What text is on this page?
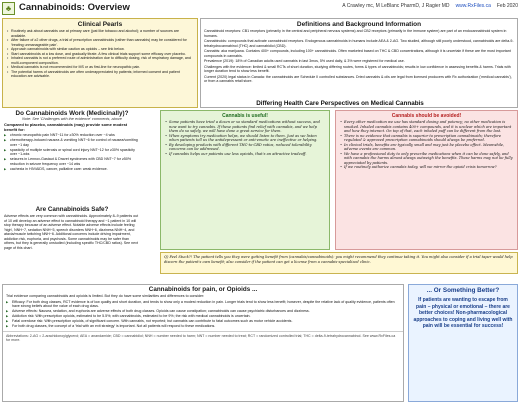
♣ Cannabinoids: Overview	A Crawley mc, M LeBlanc PharmD, J Ragier MD www.RxFiles.ca Feb 2020
Clinical Pearls
• Routinely ask about cannabis use at primary care (just like tobacco and alcohol); a number of sources are available.
• After failure of ≥2 other drugs, a trial of prescription cannabinoids (rather than cannabis) may be considered for 'treating unmanageable pain'.
• Approach cannabinoids with similar caution as opioids – see link below.
• Start cannabinoids at a low dose, and gradually titrate. A few clinical trials support some efficacy over placebo.
• Inhaled cannabis is not a preferred route of administration due to difficulty dosing, risk of respiratory damage, and multi-component composition.
• Medical cannabis is not recommended for MS or as first-line for neuropathic pain.
• The potential harms of cannabinoids are often underappreciated by patients; informed consent and patient education are advisable.
Definitions and Background Information

Cannabinoid receptors: CB1 receptors (primarily in the central and peripheral nervous systems) and CB2 receptors (primarily in the immune system) are part of an endocannabinoid system in humans.

Cannabinoids: compounds that activate cannabinoid receptors. Endogenous cannabinoids in humans include AEA & 2-AG. Two studied, although still poorly understood, cannabinoids are delta-9-tetrahydrocannabinol (THC) and cannabidiol (CBD).

Cannabis: aka marijuana. Contains 400+ compounds, including 100+ cannabinoids. Often marketed based on THC & CBD concentrations, although it is uncertain if these are the most important compounds in cannabis.

Prevalence (2019): 18% of Canadian adults used cannabis in last 3mos, 5% used daily, & 3% were registered for medical use.

Challenges with the evidence: limited & small RCTs of short duration, studying differing routes, forms & types of cannabinoids; results in low confidence in assessing benefits & harms. Trials with longer duration tend to show less benefit.

Current (2020) legal status in Canada: the cannabinoids are Schedule II controlled substances. Dried cannabis & oils are legal from licensed producers with Rx authorization ('medical cannabis'), or from a cannabis retail store.

Do Cannabinoids Work (Medicinally)?
Note: See 'Challenges with the evidence' comments, above
Compared to placebo, cannabinoids (may) provide some modest benefit for:
▶ chronic neuropathic pain NNT~11 for ≥30% reduction over ~4 wks
▶ chemotherapy-induced nausea & vomiting NNT~6 for control of nausea/vomiting over ~1 day
▶ spasticity of multiple sclerosis or spinal cord injury NNT~12 for ≥30% spasticity over ~1-wks
▶ seizures in Lennox-Gastaut & Dravet syndromes with CBD NNT~7 for ≥50% reduction in seizure frequency over ~14 wks
▶ cachexia in HIV/AIDS, cancer, palliative care: weak evidence.
Are Cannabinoids Safe?
Adverse effects are very common with cannabinoids. Approximately 8–9 patients out of 10 will develop an adverse effect to cannabinoid therapy and ~1 patient in 10 will stop therapy because of an adverse effect. Notable adverse effects include feeling 'high', NNH~7, sedation NNH~5, speech disorders NNH~6, dizziness NNH~4, and ataxia/muscle twitching NNH~6. Additional concerns include driving impairment, addiction risk, euphoria, and psychosis. Some cannabinoids may be safer than others, but they is generally unstudied (including specific THC/CBD ratios). See next page of this chart.
Differing Health Care Perspectives on Medical Cannabis
Cannabis is useful!
• Some patients have tried a dozen or so standard medications without success, and now want to try cannabis. If these patients find relief with cannabis, and we help them do so safely, we will have done a great service for them.
• When symptoms try medication helps, we should listen to them. Just as we listen when patients tell us the antidepressant or anti-emetic are ineffective or helping.
• By developing products with different THC-to-CBD ratios, reduced tolerability concerns can be addressed.
• If cannabis helps our patients use less opioids, that's an attractive tradeoff.
Cannabis should be avoided!
• Every other medication we use has standard dosing and potency; no other medication is smoked. Inhaled cannabis contains 400+ compounds, and it is unclear which are important and how they interact. On top of that, each inhaled puff can be different from the last.
• There is no evidence that cannabis is superior to prescription cannabinoids; therefore regulated & approved prescription cannabinoids should always be preferred.
• In clinical trials, benefits are typically small and may just be placebo effect. Meanwhile, adverse events are common.
• We have a professional duty to only prescribe medications when it can be done safely, and with cannabis the harms almost always outweigh the benefits. These harms may not be fully appreciated by patients.
• If we routinely authorize cannabis today, will we mirror the opioid crisis tomorrow?
Q) Feel Stuck?! The patient tells you they were getting benefit from (cannabis/cannabinoids): you might recommend they continue taking it. You might also consider if a trial taper would help discern the patient's own benefit; also consider if the patient can get a license from a cannabis-specialized clinic.
Cannabinoids for pain, or Opioids ...
Trial evidence comparing cannabinoids and opioids is limited. But they do have some similarities and differences to consider:
▶ Efficacy: For both drug classes, RCT evidence is of low quality and short duration, and tends to show only a modest reduction in pain. Longer trials tend to show less benefit; however, despite the relative lack of quality evidence, patients often have strong beliefs about the value of each drug class.
▶ Adverse effects: Nausea, sedation, and euphoria are adverse effects of both drug classes. Opioids can cause constipation; cannabinoids can cause psychiatric disturbances and dizziness.
▶ Addiction risk: With prescription opioids, estimated to be 5.5%; with cannabinoids, estimated to be 9%; the risk with medical cannabinoids is uncertain.
▶ Fatal overdose risk: With prescription opioids, of significant concern. With cannabis, not reported; but cannabis can contribute to fatal outcomes such as motor vehicle accidents.
▶ For both drug classes, the concept of a 'trial with an exit strategy' is important. Not all patients will respond to these medications.
Abbreviations: 2-AG = 2-arachidonoylglycerol; AEA = anandamide; CBD = cannabidiol; NNH = number needed to harm; NNT = number needed to treat; RCT = randomized controlled trial; THC = delta-9-tetrahydrocannabinol. See www.RxFiles.ca for more.
... Or Something Better?

If patients are wanting to escape from pain – physical or emotional – there are better choices! Non-pharmacological approaches to coping and living well with pain will be essential for success!
